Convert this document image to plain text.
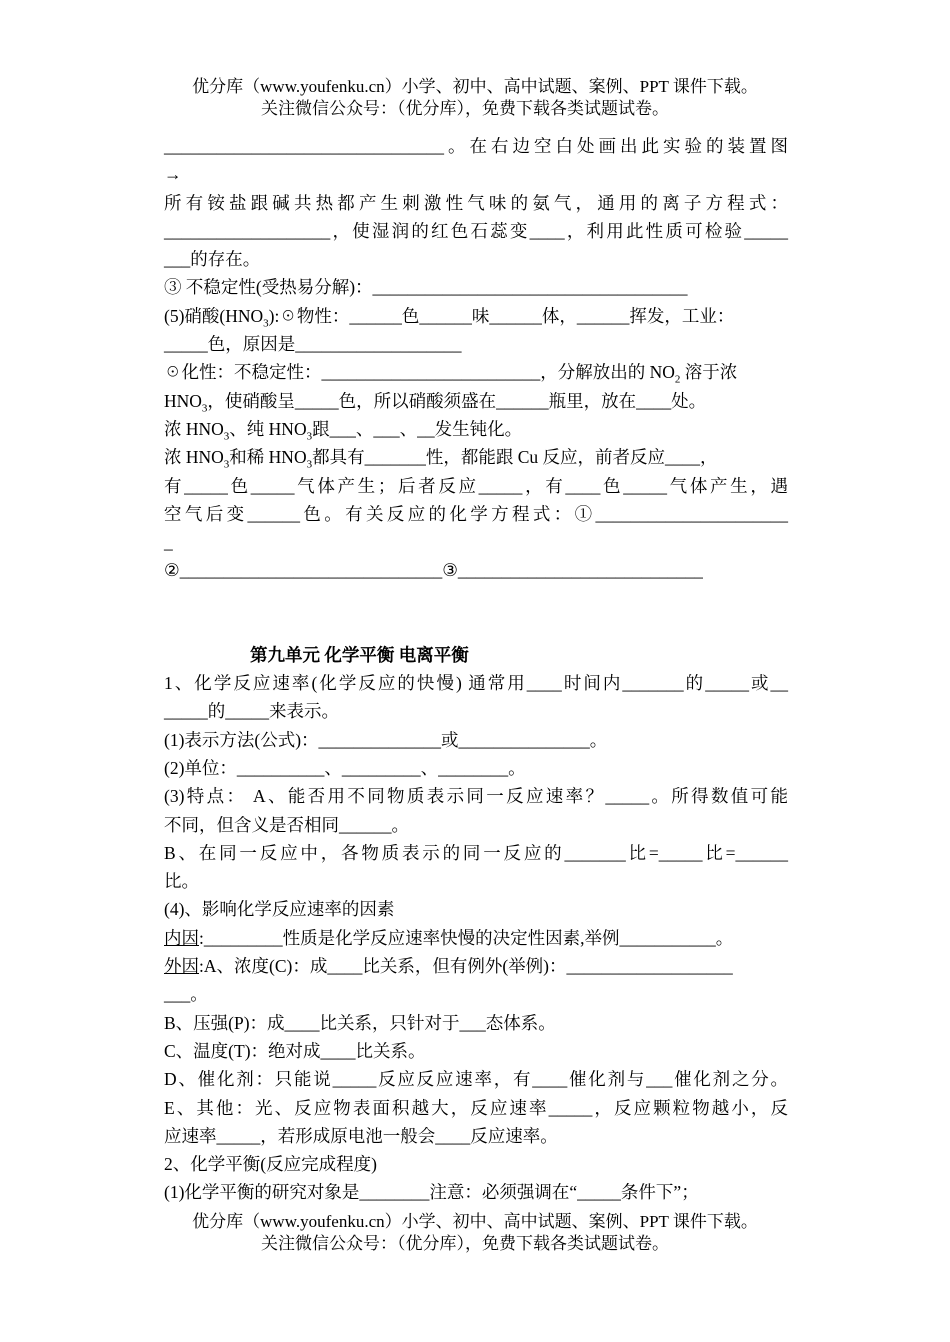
优分库（www.youfenku.cn）小学、初中、高中试题、案例、PPT 课件下载。
关注微信公众号：（优分库），免费下载各类试题试卷。
________________________________。在右边空白处画出此实验的装置图
→
所有铵盐跟碱共热都产生刺激性气味的氨气，通用的离子方程式：
___________________，使湿润的红色石蕊变____，利用此性质可检验_____
___的存在。
③ 不稳定性(受热易分解)：____________________________________
(5)硝酸$(HNO_3):☉$物性：______色______味______体，______挥发，工业：
_____色，原因是___________________
☉化性：不稳定性：_________________________，分解放出的 $NO_2$ 溶于浓
$HNO_3$，使硝酸呈_____色，所以硝酸须盛在______瓶里，放在____处。
浓 $HNO_3$、纯 $HNO_3$跟___、___、__发生钝化。
浓 $HNO_3$和稀 $HNO_3$都具有_______性，都能跟 Cu 反应，前者反应____，
有_____色_____气体产生；后者反应_____，有____色_____气体产生，遇
空气后变______色。有关反应的化学方程式：①______________________
_
②______________________________③____________________________
第九单元 化学平衡 电离平衡
1、化学反应速率(化学反应的快慢) 通常用____时间内_______的_____或__
_____的_____来表示。
(1)表示方法(公式)：______________或_______________。
(2)单位：__________、_________、________。
(3)特点： A、能否用不同物质表示同一反应速率？_____。所得数值可能
不同，但含义是否相同______。
B、在同一反应中，各物质表示的同一反应的_______比=_____比=______
比。
(4)、影响化学反应速率的因素
内因:_________性质是化学反应速率快慢的决定性因素,举例___________。
外因:A、浓度(C)：成____比关系，但有例外(举例)：___________________
___。
B、压强(P)：成____比关系，只针对于___态体系。
C、温度(T)：绝对成____比关系。
D、催化剂：只能说_____反应反应速率，有____催化剂与___催化剂之分。
E、其他：光、反应物表面积越大，反应速率_____，反应颗粒物越小，反
应速率_____，若形成原电池一般会____反应速率。
2、化学平衡(反应完成程度)
(1)化学平衡的研究对象是________注意：必须强调在“_____条件下”；
优分库（www.youfenku.cn）小学、初中、高中试题、案例、PPT 课件下载。
关注微信公众号：（优分库），免费下载各类试题试卷。
